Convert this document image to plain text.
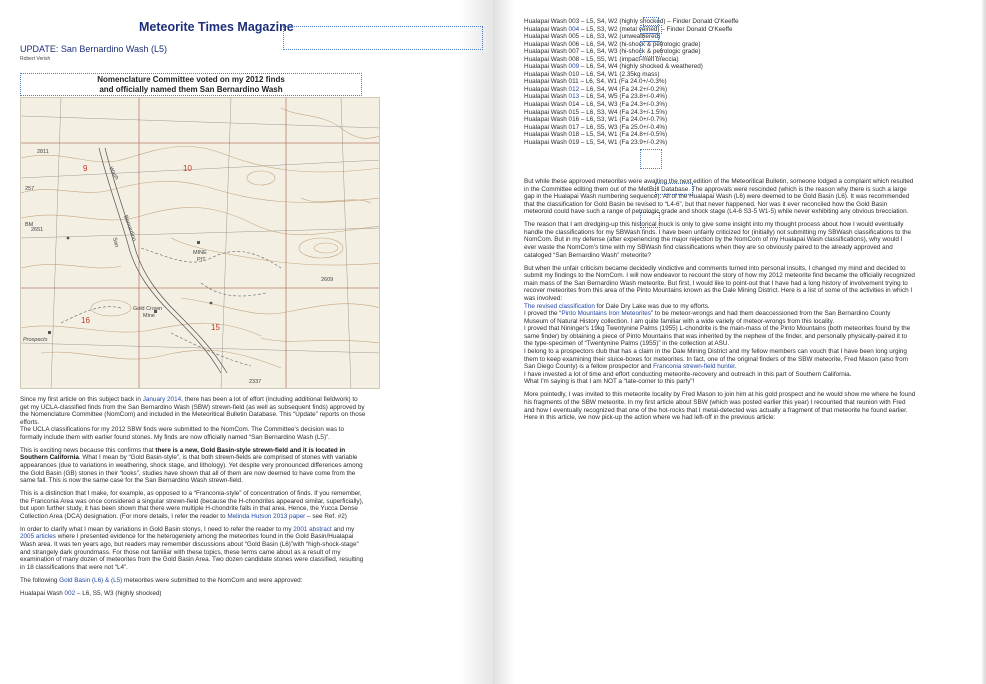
Meteorite Times Magazine
UPDATE: San Bernardino Wash (L5)
Robert Verish
Nomenclature Committee voted on my 2012 finds
and officially named them San Bernardino Wash
9	10
16
15
2811
257
2651
BM
Wash
Bernardino
San
MINE
PIT
Gold Crown
Mine
Prospects
2609
2337

Since my first article on this subject back in January 2014, there has been a lot of effort (including additional fieldwork) to get my UCLA-classified finds from the San Bernardino Wash (SBW) strewn-field (as well as subsequent finds) approved by the Nomenclature Committee (NomCom) and included in the Meteoritical Bulletin Database. This “Update” reports on those efforts.
The UCLA classifications for my 2012 SBW finds were submitted to the NomCom. The Committee's decision was to formally include them with earlier found stones. My finds are now officially named “San Bernardino Wash (L5)”.

This is exciting news because this confirms that there is a new, Gold Basin-style strewn-field and it is located in Southern California. What I mean by “Gold Basin-style”, is that both strewn-fields are comprised of stones with variable appearances (due to variations in weathering, shock stage, and lithology). Yet despite very pronounced differences among the Gold Basin (GB) stones in their “looks”, studies have shown that all of them are now deemed to have come from the same fall. This is now the same case for the San Bernardino Wash strewn-field.

This is a distinction that I make, for example, as opposed to a “Franconia-style” of concentration of finds. If you remember, the Franconia Area was once considered a singular strewn-field (because the H-chondrites appeared similar, superficially), but upon further study, it has been shown that there were multiple H-chondrite falls in that area. Hence, the Yucca Dense Collection Area (DCA) designation. (For more details, I refer the reader to Melinda Hutson 2013 paper – see Ref. #2)

In order to clarify what I mean by variations in Gold Basin stonys, I need to refer the reader to my 2001 abstract and my 2005 articles where I presented evidence for the heterogeniety among the meteorites found in the Gold Basin/Hualapai Wash area. It was ten years ago, but readers may remember discussions about “Gold Basin (L6)”with “high-shock-stage” and strangely dark groundmass. For those not familiar with these topics, these terms came about as a result of my examination of many dozen of meteorites from the Gold Basin Area. Two dozen candidate stones were classified, resulting in 18 classifications that were not “L4”.

The following Gold Basin (L6) & (L5) meteorites were submitted to the NomCom and were approved:

Hualapai Wash 002 – L6, S5, W3 (highly shocked)

Hualapai Wash 003 – L5, S4, W2 (highly shocked) – Finder Donald O'Keeffe
Hualapai Wash 004 – L5, S3, W2 (metal veined) – Finder Donald O'Keeffe
Hualapai Wash 005 – L6, S3, W2 (unweathered)
Hualapai Wash 006 – L6, S4, W2 (hi-shock & petrologic grade)
Hualapai Wash 007 – L6, S4, W3 (hi-shock & petrologic grade)
Hualapai Wash 008 – L5, S5, W1 (impact-melt breccia)
Hualapai Wash 009 – L6, S4, W4 (highly shocked & weathered)
Hualapai Wash 010 – L6, S4, W1 (2.35kg mass)
Hualapai Wash 011 – L6, S4, W1 (Fa 24.0+/-0.3%)
Hualapai Wash 012 – L6, S4, W4 (Fa 24.2+/-0.2%)
Hualapai Wash 013 – L6, S4, W5 (Fa 23.8+/-0.4%)
Hualapai Wash 014 – L6, S4, W3 (Fa 24.3+/-0.3%)
Hualapai Wash 015 – L6, S3, W4 (Fa 24.3+/-1.5%)
Hualapai Wash 016 – L6, S3, W1 (Fa 24.0+/-0.7%)
Hualapai Wash 017 – L6, S5, W3 (Fa 25.0+/-0.4%)
Hualapai Wash 018 – L5, S4, W1 (Fa 24.8+/-0.5%)
Hualapai Wash 019 – L5, S4, W1 (Fa 23.9+/-0.2%)

But while these approved meteorites were awaiting the next edition of the Meteoritical Bulletin, someone lodged a complaint which resulted in the Committee editing them out of the MetBull Database. The approvals were rescinded (which is the reason why there is such a large gap in the Hualapai Wash numbering sequence). All of the Hualapai Wash (L6) were deemed to be Gold Basin (L6). It was recommended that the classification for Gold Basin be revised to “L4-6”, but that never happened. Nor was it ever reconciled how the Gold Basin meteoroid could have such a range of petrologic grade and shock stage (L4-6 S3-5 W1-5) while never exhibiting any obvious brecciation.

The reason that I am dredging-up this historical muck is only to give some insight into my thought process about how I would eventually handle the classifications for my SBWash finds. I have been unfairly criticized for (initially) not submitting my SBWash classifications to the NomCom. But in my defense (after experiencing the major rejection by the NomCom of my Hualapai Wash classifications), why would I ever waste the NomCom's time with my SBWash find classifications when they are so obviously paired to the already approved and cataloged “San Bernardino Wash” meteorite?

But when the unfair criticism became decidedly vindictive and comments turned into personal insults, I changed my mind and decided to submit my findings to the NomCom. I will now endeavor to recount the story of how my 2012 meteorite find became the officially recognized main mass of the San Bernardino Wash meteorite. But first, I would like to point-out that I have had a long history of involvement trying to recover meteorites from this area of the Pinto Mountains known as the Dale Mining District. Here is a list of some of the activities in which I was involved:
The revised classification for Dale Dry Lake was due to my efforts.
I proved the “Pinto Mountains Iron Meteorites” to be meteor-wrongs and had them deaccessioned from the San Bernardino County Museum of Natural History collection. I am quite familiar with a wide variety of meteor-wrongs from this locality.
I proved that Nininger's 19kg Twentynine Palms (1955) L-chondrite is the main-mass of the Pinto Mountains (both meteorites found by the same finder) by obtaining a piece of Pinto Mountains that was inherited by the nephew of the finder, and personally physically-paired it to the type-specimen of “Twentynine Palms (1955)” in the collection at ASU.
I belong to a prospectors club that has a claim in the Dale Mining District and my fellow members can vouch that I have been long urging them to keep examining their sluice-boxes for meteorites. In fact, one of the original finders of the SBW meteorite, Fred Mason (also from San Diego County) is a fellow prospector and Franconia strewn-field hunter.
I have invested a lot of time and effort conducting meteorite-recovery and outreach in this part of Southern California.
What I'm saying is that I am NOT a “late-comer to this party”!

More pointedly, I was invited to this meteorite locality by Fred Mason to join him at his gold prospect and he would show me where he found his fragments of the SBW meteorite. In my first article about SBW (which was posted earlier this year) I recounted that reunion with Fred and how I eventually recognized that one of the hot-rocks that I metal-detected was actually a fragment of that meteorite he found earlier. Here in this article, we now pick-up the action where we had left-off in the previous article:
